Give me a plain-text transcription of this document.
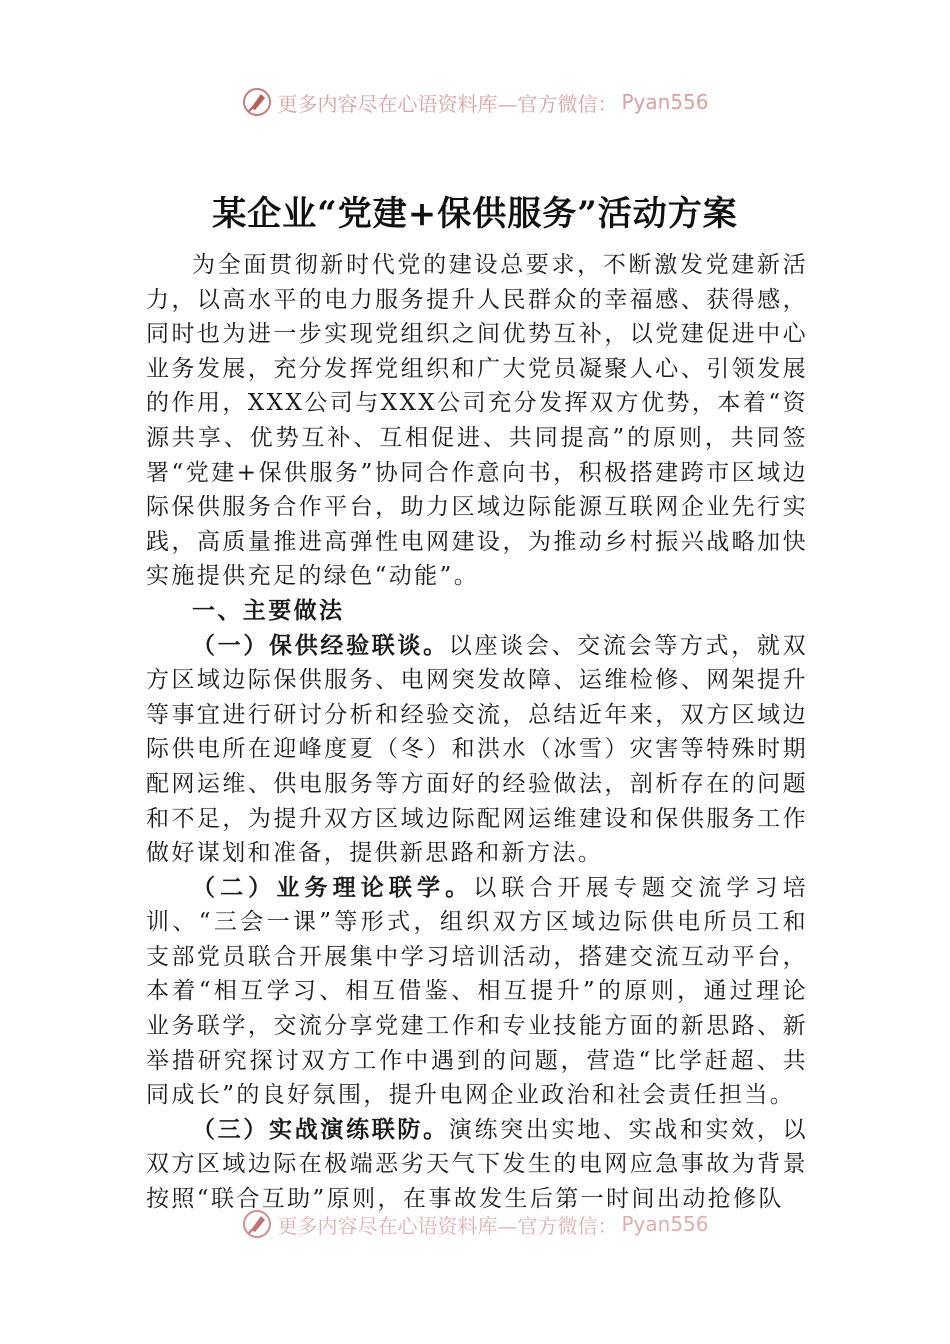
更多内容尽在心语资料库—官方微信： Pyan556
某企业“党建+保供服务”活动方案

为全面贯彻新时代党的建设总要求，不断激发党建新活力，以高水平的电力服务提升人民群众的幸福感、获得感，同时也为进一步实现党组织之间优势互补，以党建促进中心业务发展，充分发挥党组织和广大党员凝聚人心、引领发展的作用，XXX公司与XXX公司充分发挥双方优势，本着“资源共享、优势互补、互相促进、共同提高”的原则，共同签署“党建+保供服务”协同合作意向书，积极搭建跨市区域边际保供服务合作平台，助力区域边际能源互联网企业先行实践，高质量推进高弹性电网建设，为推动乡村振兴战略加快实施提供充足的绿色“动能”。

一、主要做法

（一）保供经验联谈。以座谈会、交流会等方式，就双方区域边际保供服务、电网突发故障、运维检修、网架提升等事宜进行研讨分析和经验交流，总结近年来，双方区域边际供电所在迎峰度夏（冬）和洪水（冰雪）灾害等特殊时期配网运维、供电服务等方面好的经验做法，剖析存在的问题和不足，为提升双方区域边际配网运维建设和保供服务工作做好谋划和准备，提供新思路和新方法。

（二）业务理论联学。以联合开展专题交流学习培训、“三会一课”等形式，组织双方区域边际供电所员工和支部党员联合开展集中学习培训活动，搭建交流互动平台，本着“相互学习、相互借鉴、相互提升”的原则，通过理论业务联学，交流分享党建工作和专业技能方面的新思路、新举措研究探讨双方工作中遇到的问题，营造“比学赶超、共同成长”的良好氛围，提升电网企业政治和社会责任担当。

（三）实战演练联防。演练突出实地、实战和实效，以双方区域边际在极端恶劣天气下发生的电网应急事故为背景按照“联合互助”原则，在事故发生后第一时间出动抢修队

更多内容尽在心语资料库—官方微信： Pyan556
